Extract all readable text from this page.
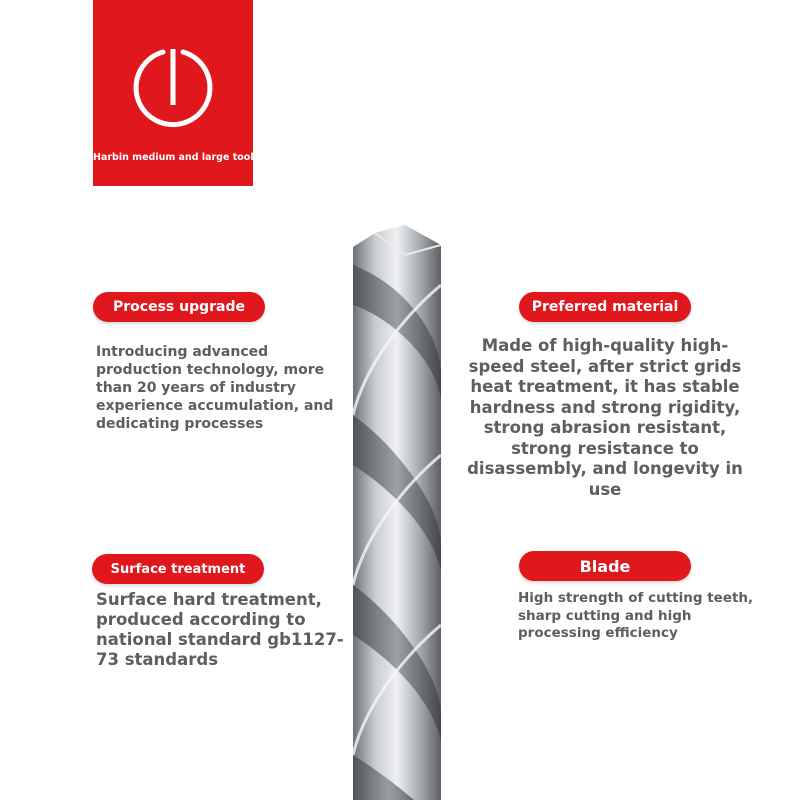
Harbin medium and large tools
Process upgrade
Introducing advanced production technology, more than 20 years of industry experience accumulation, and dedicating processes
Preferred material
Made of high-quality high-speed steel, after strict grids heat treatment, it has stable hardness and strong rigidity, strong abrasion resistant, strong resistance to disassembly, and longevity in use
Surface treatment
Surface hard treatment, produced according to national standard gb1127-73 standards
Blade
High strength of cutting teeth, sharp cutting and high processing efficiency
